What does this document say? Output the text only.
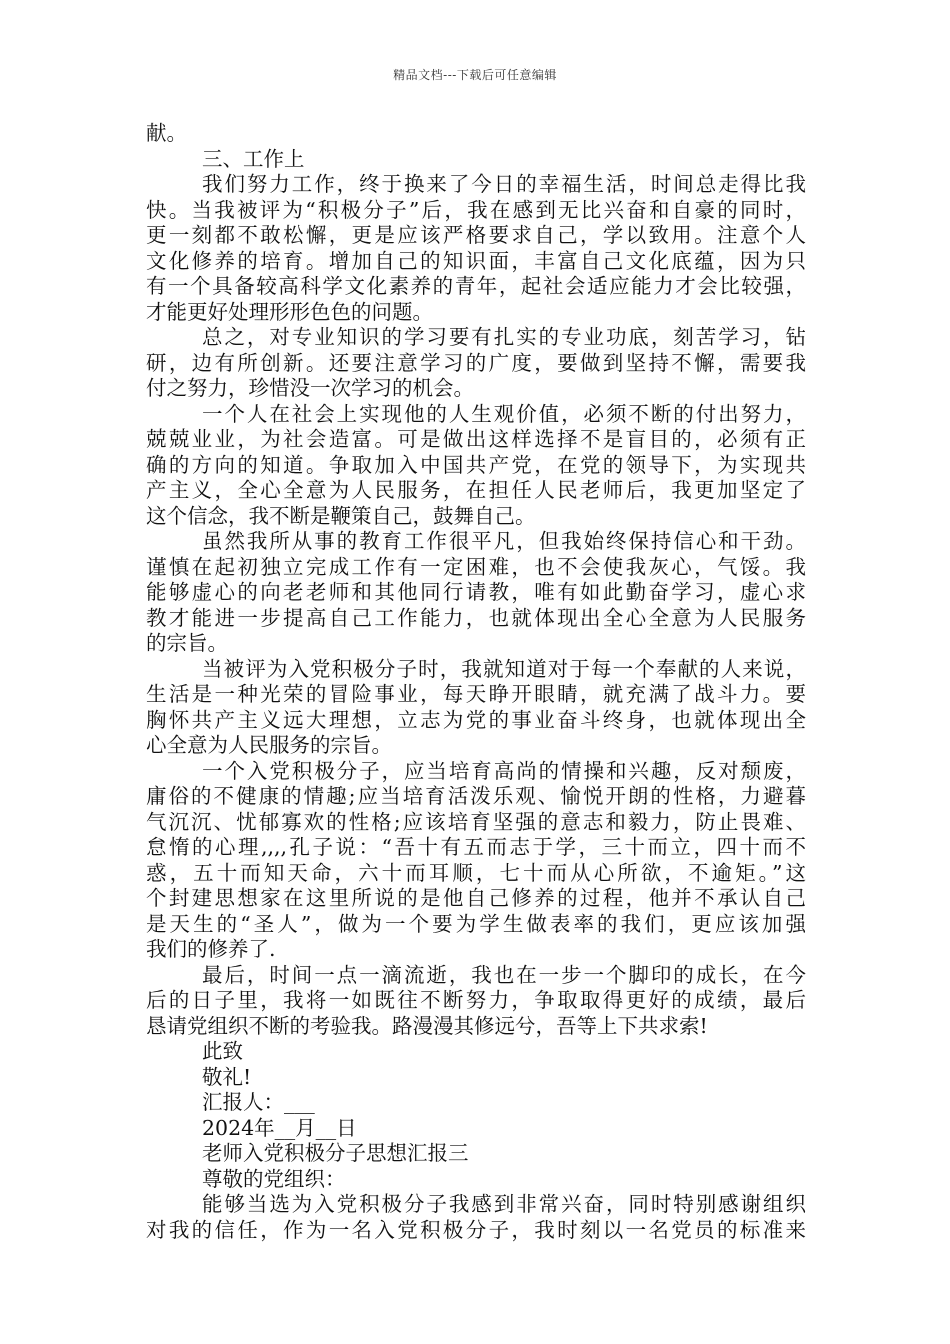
精品文档---下载后可任意编辑
献。
三、工作上
我们努力工作，终于换来了今日的幸福生活，时间总走得比我
快。当我被评为“积极分子”后，我在感到无比兴奋和自豪的同时，
更一刻都不敢松懈，更是应该严格要求自己，学以致用。注意个人
文化修养的培育。增加自己的知识面，丰富自己文化底蕴，因为只
有一个具备较高科学文化素养的青年，起社会适应能力才会比较强，
才能更好处理形形色色的问题。
总之，对专业知识的学习要有扎实的专业功底，刻苦学习，钻
研，边有所创新。还要注意学习的广度，要做到坚持不懈，需要我
付之努力，珍惜没一次学习的机会。
一个人在社会上实现他的人生观价值，必须不断的付出努力，
兢兢业业，为社会造富。可是做出这样选择不是盲目的，必须有正
确的方向的知道。争取加入中国共产党，在党的领导下，为实现共
产主义，全心全意为人民服务，在担任人民老师后，我更加坚定了
这个信念，我不断是鞭策自己，鼓舞自己。
虽然我所从事的教育工作很平凡，但我始终保持信心和干劲。
谨慎在起初独立完成工作有一定困难，也不会使我灰心，气馁。我
能够虚心的向老老师和其他同行请教，唯有如此勤奋学习，虚心求
教才能进一步提高自己工作能力，也就体现出全心全意为人民服务
的宗旨。
当被评为入党积极分子时，我就知道对于每一个奉献的人来说，
生活是一种光荣的冒险事业，每天睁开眼睛，就充满了战斗力。要
胸怀共产主义远大理想，立志为党的事业奋斗终身，也就体现出全
心全意为人民服务的宗旨。
一个入党积极分子，应当培育高尚的情操和兴趣，反对颓废，
庸俗的不健康的情趣;应当培育活泼乐观、愉悦开朗的性格，力避暮
气沉沉、忧郁寡欢的性格;应该培育坚强的意志和毅力，防止畏难、
怠惰的心理,,,,孔子说：“吾十有五而志于学，三十而立，四十而不
惑，五十而知天命，六十而耳顺，七十而从心所欲，不逾矩。”这
个封建思想家在这里所说的是他自己修养的过程，他并不承认自己
是天生的“圣人”，做为一个要为学生做表率的我们，更应该加强
我们的修养了.
最后，时间一点一滴流逝，我也在一步一个脚印的成长，在今
后的日子里，我将一如既往不断努力，争取取得更好的成绩，最后
恳请党组织不断的考验我。路漫漫其修远兮，吾等上下共求索!
此致
敬礼!
汇报人：___
2024年__月__日
老师入党积极分子思想汇报三
尊敬的党组织：
能够当选为入党积极分子我感到非常兴奋，同时特别感谢组织
对我的信任，作为一名入党积极分子，我时刻以一名党员的标准来
